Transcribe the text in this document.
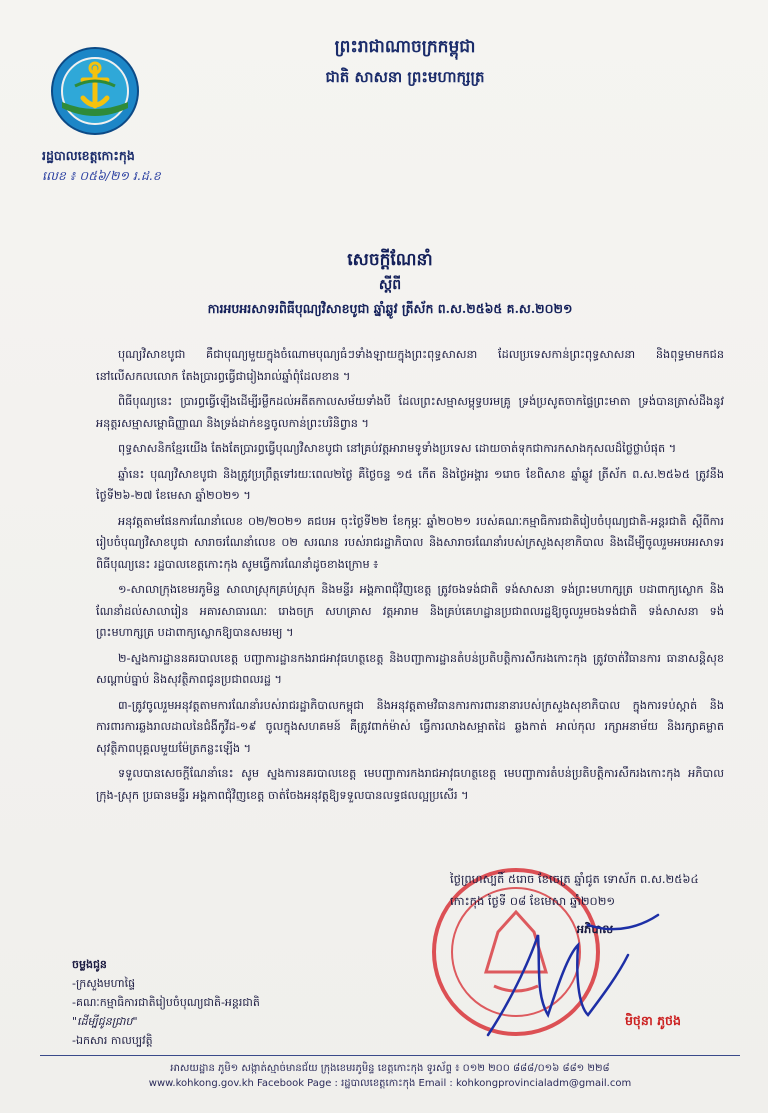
ព្រះរាជាណាចក្រកម្ពុជា
ជាតិ សាសនា ព្រះមហាក្សត្រ
រដ្ឋបាលខេត្តកោះកុង
លេខ ៖ ០៥៦/២១ រ.ដ.ខ
សេចក្ដីណែនាំ
ស្ដីពី
ការអបអរសាទរពិធីបុណ្យវិសាខបូជា ឆ្នាំឆ្លូវ ត្រីស័ក ព.ស.២៥៦៥ គ.ស.២០២១

បុណ្យវិសាខបូជា គឺជាបុណ្យមួយក្នុងចំណោមបុណ្យធំៗទាំងឡាយក្នុងព្រះពុទ្ធសាសនា ដែលប្រទេសកាន់ព្រះពុទ្ធសាសនា និងពុទ្ធមាមកជន នៅលើសកលលោក តែងប្រារព្ធធ្វើជារៀងរាល់ឆ្នាំពុំដែលខាន ។

ពិធីបុណ្យនេះ ប្រារព្ធធ្វើឡើងដើម្បីរម្លឹកដល់អតីតកាលសម័យទាំងបី ដែលព្រះសម្មាសម្ពុទ្ធបរមគ្រូ ទ្រង់ប្រសូតចាកផ្ទៃព្រះមាតា ទ្រង់បានត្រាស់ដឹងនូវអនុត្តរសម្មាសម្ពោធិញ្ញាណ និងទ្រង់ដាក់ខន្ធចូលកាន់ព្រះបរិនិព្វាន ។

ពុទ្ធសាសនិកខ្មែរយើង តែងតែប្រារព្ធធ្វើបុណ្យវិសាខបូជា នៅគ្រប់វត្តអារាមទូទាំងប្រទេស ដោយចាត់ទុកជាការកសាងកុសលដ៏ថ្លៃថ្លាបំផុត ។

ឆ្នាំនេះ បុណ្យវិសាខបូជា និងត្រូវប្រព្រឹត្តទៅរយៈពេល២ថ្ងៃ គឺថ្ងៃចន្ទ ១៥ កើត និងថ្ងៃអង្គារ ១រោច ខែពិសាខ ឆ្នាំឆ្លូវ ត្រីស័ក ព.ស.២៥៦៥ ត្រូវនឹងថ្ងៃទី២៦-២៧ ខែមេសា ឆ្នាំ២០២១ ។

អនុវត្តតាមផែនការណែនាំលេខ ០២/២០២១ គជបអ ចុះថ្ងៃទី២២ ខែកុម្ភៈ ឆ្នាំ២០២១ របស់គណៈកម្មាធិការជាតិរៀបចំបុណ្យជាតិ-អន្តរជាតិ ស្ដីពីការរៀបចំបុណ្យវិសាខបូជា សារាចរណែនាំលេខ ០២ សរណន របស់រាជរដ្ឋាភិបាល និងសារាចរណែនាំរបស់ក្រសួងសុខាភិបាល និងដើម្បីចូលរួមអបអរសាទរពិធីបុណ្យនេះ រដ្ឋបាលខេត្តកោះកុង សូមធ្វើការណែនាំដូចខាងក្រោម ៖

១-សាលាក្រុងខេមរភូមិន្ទ សាលាស្រុកគ្រប់ស្រុក និងមន្ទីរ អង្គភាពជុំវិញខេត្ត ត្រូវចងទង់ជាតិ ទង់សាសនា ទង់ព្រះមហាក្សត្រ បដាពាក្យស្លោក និងណែនាំដល់សាលារៀន អគារសាធារណៈ រោងចក្រ សហគ្រាស វត្តអារាម និងគ្រប់គេហដ្ឋានប្រជាពលរដ្ឋឱ្យចូលរួមចងទង់ជាតិ ទង់សាសនា ទង់ព្រះមហាក្សត្រ បដាពាក្យស្លោកឱ្យបានសមរម្យ ។

២-ស្នងការដ្ឋាននគរបាលខេត្ត បញ្ជាការដ្ឋានកងរាជអាវុធហត្ថខេត្ត និងបញ្ជាការដ្ឋានតំបន់ប្រតិបត្តិការសឹករងកោះកុង ត្រូវចាត់វិធានការ ធានាសន្តិសុខសណ្ដាប់ធ្នាប់ និងសុវត្ថិភាពជូនប្រជាពលរដ្ឋ ។

៣-ត្រូវចូលរួមអនុវត្តតាមការណែនាំរបស់រាជរដ្ឋាភិបាលកម្ពុជា និងអនុវត្តតាមវិធានការការពារនានារបស់ក្រសួងសុខាភិបាល ក្នុងការទប់ស្កាត់ និងការពារការឆ្លងរាលដាលនៃជំងឺកូវីដ-១៩ ចូលក្នុងសហគមន៍ គឺត្រូវពាក់ម៉ាស់ ធ្វើការលាងសម្អាតដៃ ឆ្លងកាត់ អាល់កុល រក្សាអនាម័យ និងរក្សាគម្លាតសុវត្ថិភាពបុគ្គលមួយម៉ែត្រកន្លះឡើង ។

ទទួលបានសេចក្ដីណែនាំនេះ សូម ស្នងការនគរបាលខេត្ត មេបញ្ជាការកងរាជអាវុធហត្ថខេត្ត មេបញ្ជាការតំបន់ប្រតិបត្តិការសឹករងកោះកុង អភិបាលក្រុង-ស្រុក ប្រធានមន្ទីរ អង្គភាពជុំវិញខេត្ត ចាត់ចែងអនុវត្តឱ្យទទួលបានលទ្ធផលល្អប្រសើរ ។

ថ្ងៃព្រហស្បតិ៍ ៥រោច ខែចេត្រ ឆ្នាំជូត ទោស័ក ព.ស.២៥៦៤
កោះកុង ថ្ងៃទី ០៨ ខែមេសា ឆ្នាំ២០២១
អភិបាល
មិថុនា ភូថង
ចម្លងជូន
-ក្រសួងមហាផ្ទៃ
-គណៈកម្មាធិការជាតិរៀបចំបុណ្យជាតិ-អន្តរជាតិ
"ដើម្បីជូនជ្រាប"
-ឯកសារ កាលប្បវត្តិ
អាសយដ្ឋាន ភូមិ១ សង្កាត់ស្មាច់មានជ័យ ក្រុងខេមរភូមិន្ទ ខេត្តកោះកុង ទូរស័ព្ទ ៖ ០១២ ២០០ ៨៨៨/០១៦ ៨៨១ ២២៨
www.kohkong.gov.kh Facebook Page : រដ្ឋបាលខេត្តកោះកុង Email : kohkongprovincialadm@gmail.com
